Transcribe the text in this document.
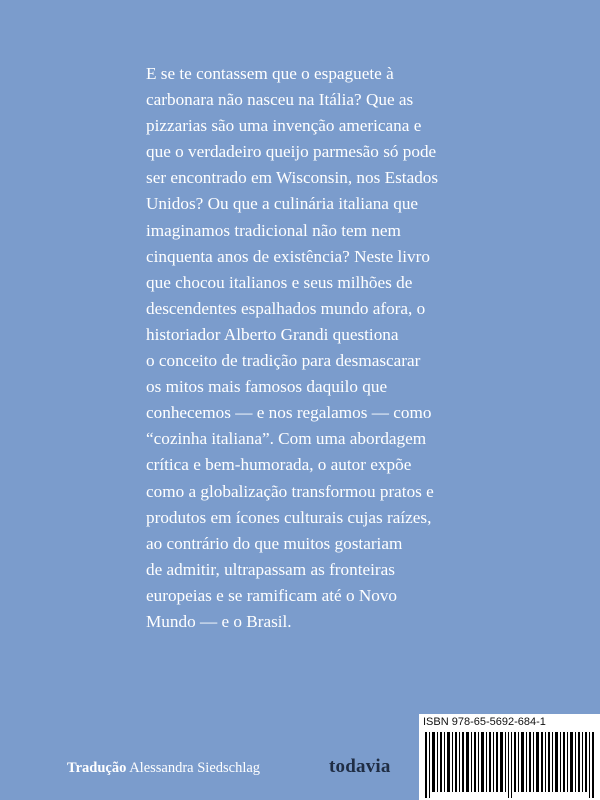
E se te contassem que o espaguete à
carbonara não nasceu na Itália? Que as
pizzarias são uma invenção americana e
que o verdadeiro queijo parmesão só pode
ser encontrado em Wisconsin, nos Estados
Unidos? Ou que a culinária italiana que
imaginamos tradicional não tem nem
cinquenta anos de existência? Neste livro
que chocou italianos e seus milhões de
descendentes espalhados mundo afora, o
historiador Alberto Grandi questiona
o conceito de tradição para desmascarar
os mitos mais famosos daquilo que
conhecemos — e nos regalamos — como
“cozinha italiana”. Com uma abordagem
crítica e bem-humorada, o autor expõe
como a globalização transformou pratos e
produtos em ícones culturais cujas raízes,
ao contrário do que muitos gostariam
de admitir, ultrapassam as fronteiras
europeias e se ramificam até o Novo
Mundo — e o Brasil.
Tradução Alessandra Siedschlag	todavia
ISBN 978-65-5692-684-1
